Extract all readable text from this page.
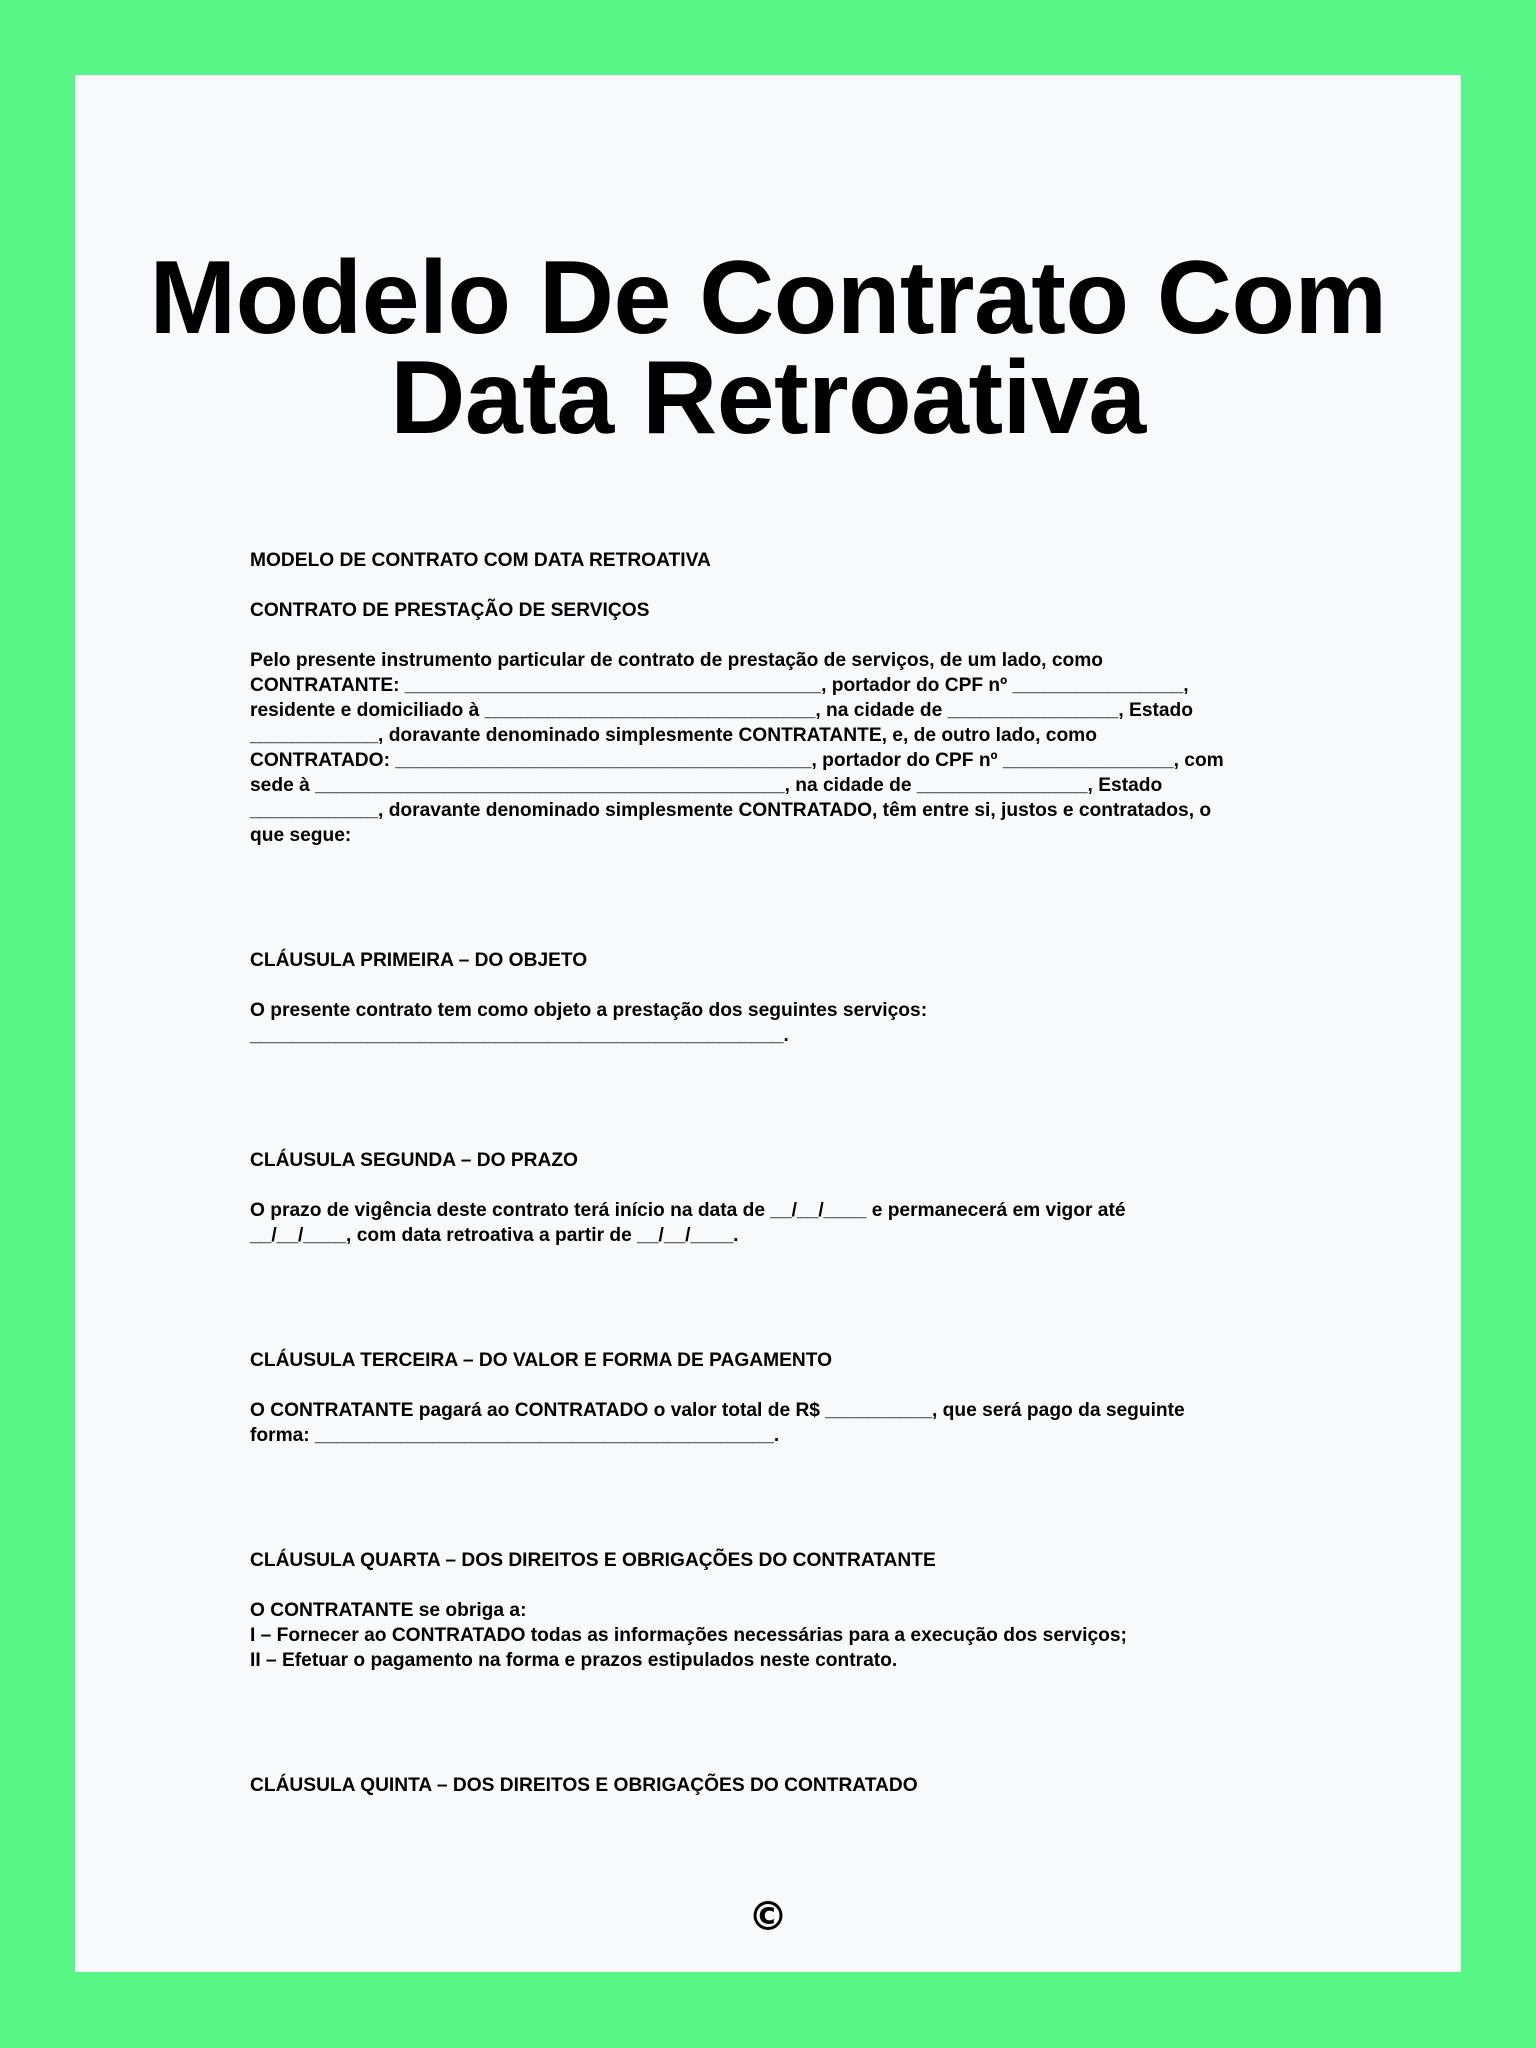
Modelo De Contrato Com
Data Retroativa

MODELO DE CONTRATO COM DATA RETROATIVA

CONTRATO DE PRESTAÇÃO DE SERVIÇOS

Pelo presente instrumento particular de contrato de prestação de serviços, de um lado, como
CONTRATANTE: _______________________________________, portador do CPF nº ________________,
residente e domiciliado à _______________________________, na cidade de ________________, Estado
____________, doravante denominado simplesmente CONTRATANTE, e, de outro lado, como
CONTRATADO: _______________________________________, portador do CPF nº ________________, com
sede à ____________________________________________, na cidade de ________________, Estado
____________, doravante denominado simplesmente CONTRATADO, têm entre si, justos e contratados, o
que segue:

CLÁUSULA PRIMEIRA – DO OBJETO

O presente contrato tem como objeto a prestação dos seguintes serviços:
__________________________________________________.

CLÁUSULA SEGUNDA – DO PRAZO

O prazo de vigência deste contrato terá início na data de __/__/____ e permanecerá em vigor até
__/__/____, com data retroativa a partir de __/__/____.

CLÁUSULA TERCEIRA – DO VALOR E FORMA DE PAGAMENTO

O CONTRATANTE pagará ao CONTRATADO o valor total de R$ __________, que será pago da seguinte
forma: ___________________________________________.

CLÁUSULA QUARTA – DOS DIREITOS E OBRIGAÇÕES DO CONTRATANTE

O CONTRATANTE se obriga a:
I – Fornecer ao CONTRATADO todas as informações necessárias para a execução dos serviços;
II – Efetuar o pagamento na forma e prazos estipulados neste contrato.

CLÁUSULA QUINTA – DOS DIREITOS E OBRIGAÇÕES DO CONTRATADO

©
